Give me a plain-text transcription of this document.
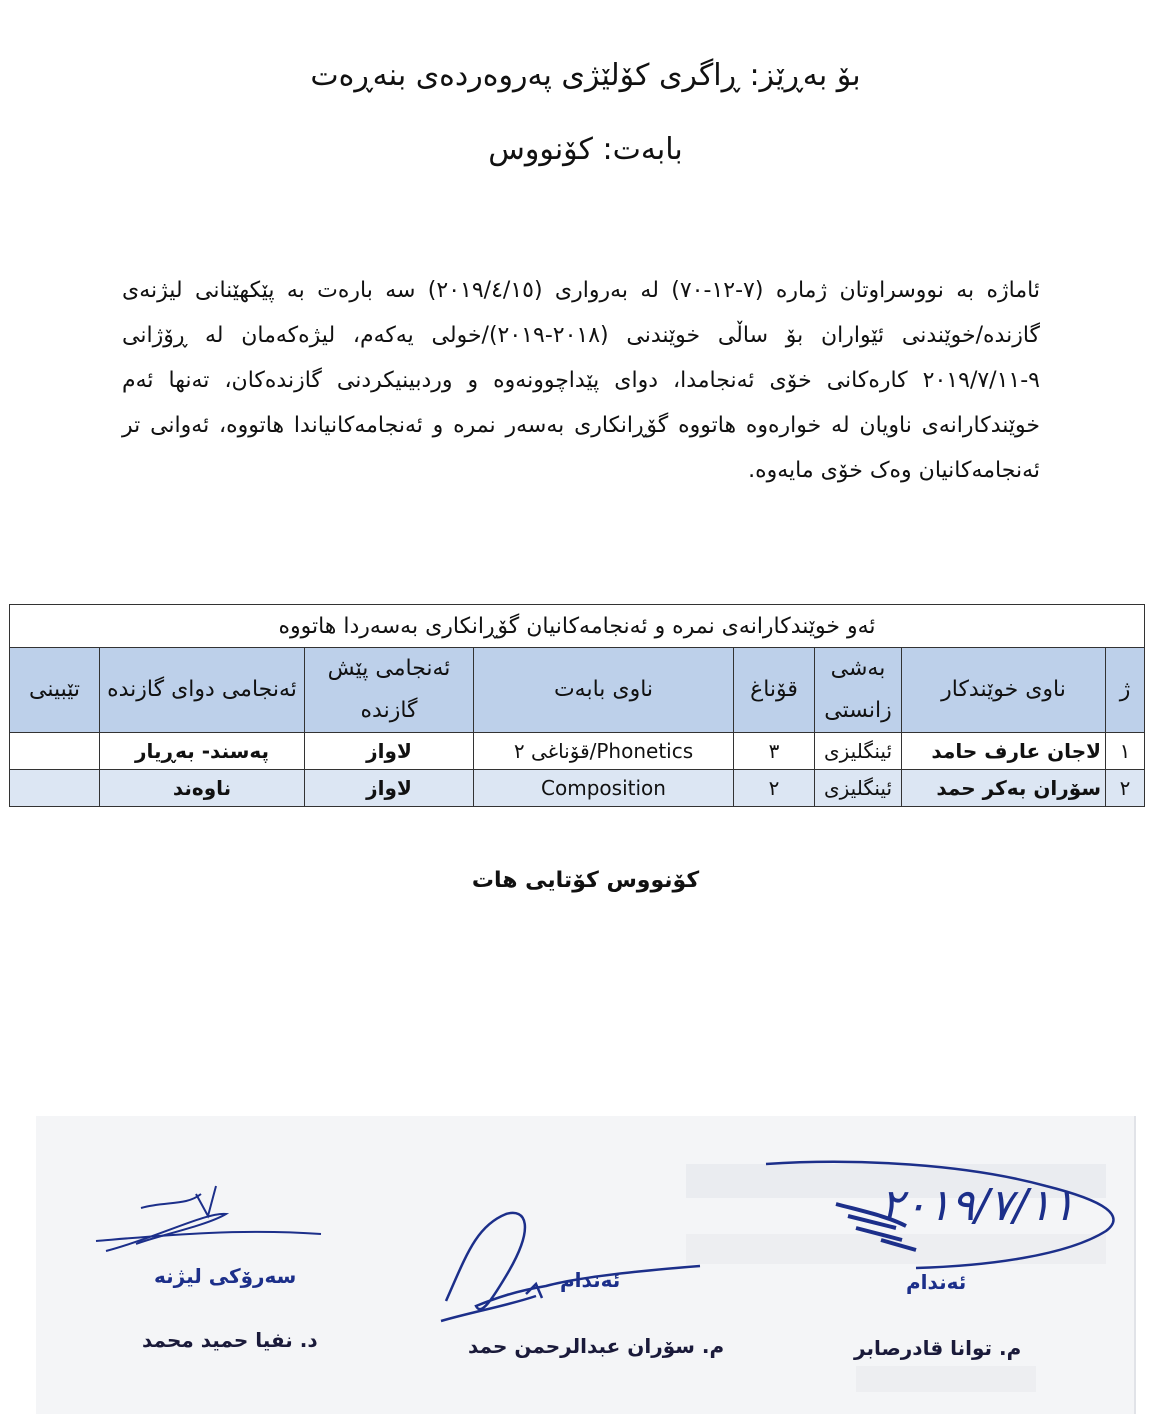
بۆ بەڕێز: ڕاگری کۆلێژی پەروەردەی بنەڕەت
بابەت: کۆنووس
ئاماژە بە نووسراوتان ژمارە (٧-١٢-٧٠) لە بەرواری (٢٠١٩/٤/١٥) سە بارەت بە پێکهێنانی لیژنەی گازندە/خوێندنی ئێواران بۆ ساڵی خوێندنی (٢٠١٨-٢٠١٩)/خولی یەکەم، لیژەکەمان لە ڕۆژانی ٩-٢٠١٩/٧/١١ کارەکانی خۆی ئەنجامدا، دوای پێداچوونەوە و وردبینیکردنی گازندەکان، تەنها ئەم خوێندکارانەی ناویان لە خوارەوە هاتووە گۆڕانکاری بەسەر نمرە و ئەنجامەکانیاندا هاتووە، ئەوانی تر ئەنجامەکانیان وەک خۆی مایەوە.
ئەو خوێندکارانەی نمرە و ئەنجامەکانیان گۆڕانکاری بەسەردا هاتووە							
ژ	ناوی خوێندکار	بەشی زانستی	قۆناغ	ناوی بابەت	ئەنجامی پێش گازندە	ئەنجامی دوای گازندە	تێبینی
١	لاجان عارف حامد	ئینگلیزی	٣	Phonetics/قۆناغی ٢	لاواز	پەسند- بەڕیار	
٢	سۆران بەکر حمد	ئینگلیزی	٢	Composition	لاواز	ناوەند	
کۆنووس کۆتایی هات
٢٠١٩/٧/١١
سەرۆکی لیژنە
د. نفیا حمید محمد
ئەندام
م. سۆران عبدالرحمن حمد
ئەندام
م. توانا قادرصابر
